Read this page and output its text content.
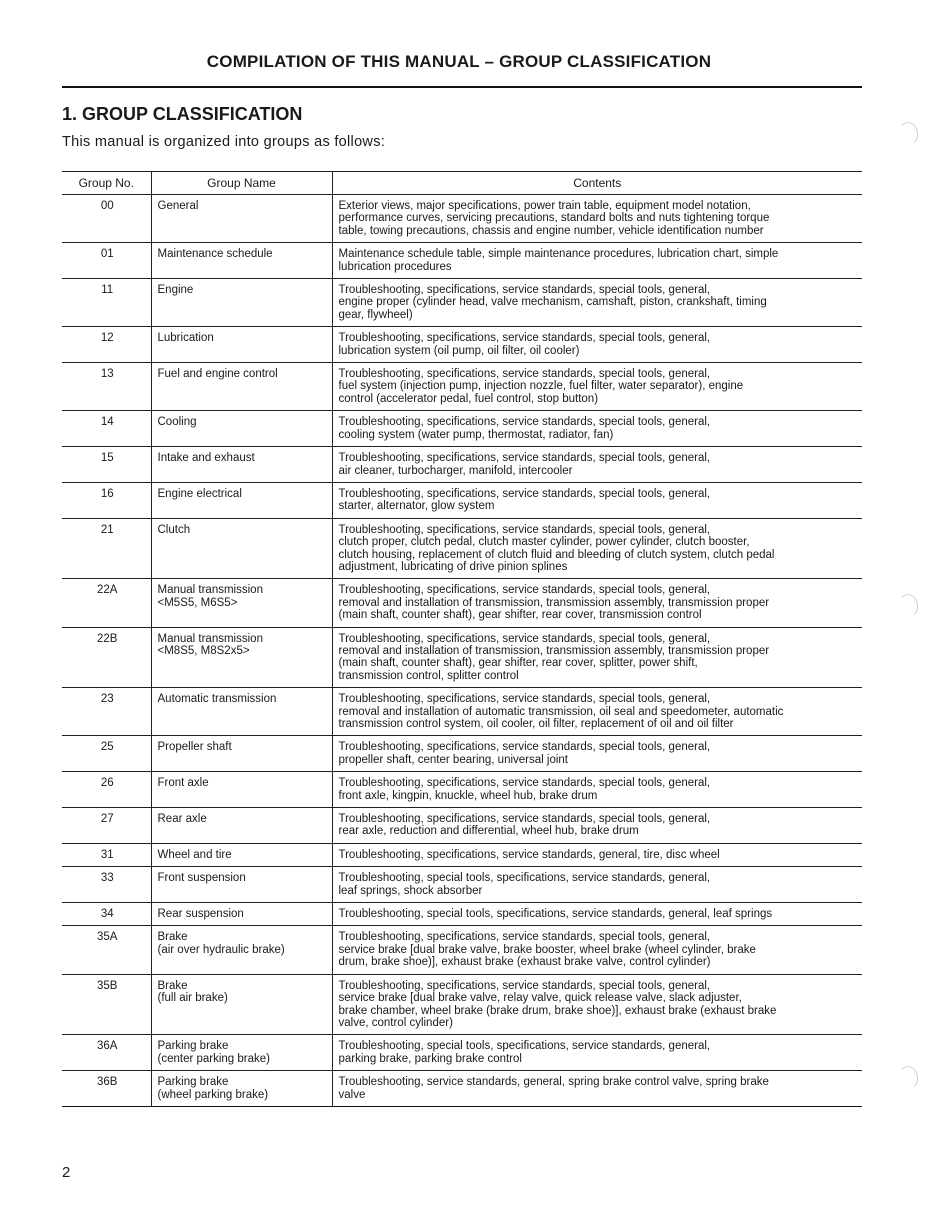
COMPILATION OF THIS MANUAL – GROUP CLASSIFICATION
1. GROUP CLASSIFICATION
This manual is organized into groups as follows:
Group No.	Group Name	Contents
00	General	Exterior views, major specifications, power train table, equipment model notation,
performance curves, servicing precautions, standard bolts and nuts tightening torque
table, towing precautions, chassis and engine number, vehicle identification number

01	Maintenance schedule	Maintenance schedule table, simple maintenance procedures, lubrication chart, simple
lubrication procedures

11	Engine	Troubleshooting, specifications, service standards, special tools, general,
engine proper (cylinder head, valve mechanism, camshaft, piston, crankshaft, timing
gear, flywheel)

12	Lubrication	Troubleshooting, specifications, service standards, special tools, general,
lubrication system (oil pump, oil filter, oil cooler)

13	Fuel and engine control	Troubleshooting, specifications, service standards, special tools, general,
fuel system (injection pump, injection nozzle, fuel filter, water separator), engine
control (accelerator pedal, fuel control, stop button)

14	Cooling	Troubleshooting, specifications, service standards, special tools, general,
cooling system (water pump, thermostat, radiator, fan)

15	Intake and exhaust	Troubleshooting, specifications, service standards, special tools, general,
air cleaner, turbocharger, manifold, intercooler

16	Engine electrical	Troubleshooting, specifications, service standards, special tools, general,
starter, alternator, glow system

21	Clutch	Troubleshooting, specifications, service standards, special tools, general,
clutch proper, clutch pedal, clutch master cylinder, power cylinder, clutch booster,
clutch housing, replacement of clutch fluid and bleeding of clutch system, clutch pedal
adjustment, lubricating of drive pinion splines

22A	Manual transmission
<M5S5, M6S5>	Troubleshooting, specifications, service standards, special tools, general,
removal and installation of transmission, transmission assembly, transmission proper
(main shaft, counter shaft), gear shifter, rear cover, transmission control

22B	Manual transmission
<M8S5, M8S2x5>	Troubleshooting, specifications, service standards, special tools, general,
removal and installation of transmission, transmission assembly, transmission proper
(main shaft, counter shaft), gear shifter, rear cover, splitter, power shift,
transmission control, splitter control

23	Automatic transmission	Troubleshooting, specifications, service standards, special tools, general,
removal and installation of automatic transmission, oil seal and speedometer, automatic
transmission control system, oil cooler, oil filter, replacement of oil and oil filter

25	Propeller shaft	Troubleshooting, specifications, service standards, special tools, general,
propeller shaft, center bearing, universal joint

26	Front axle	Troubleshooting, specifications, service standards, special tools, general,
front axle, kingpin, knuckle, wheel hub, brake drum

27	Rear axle	Troubleshooting, specifications, service standards, special tools, general,
rear axle, reduction and differential, wheel hub, brake drum

31	Wheel and tire	Troubleshooting, specifications, service standards, general, tire, disc wheel

33	Front suspension	Troubleshooting, special tools, specifications, service standards, general,
leaf springs, shock absorber

34	Rear suspension	Troubleshooting, special tools, specifications, service standards, general, leaf springs

35A	Brake
(air over hydraulic brake)	Troubleshooting, specifications, service standards, special tools, general,
service brake [dual brake valve, brake booster, wheel brake (wheel cylinder, brake
drum, brake shoe)], exhaust brake (exhaust brake valve, control cylinder)

35B	Brake
(full air brake)	Troubleshooting, specifications, service standards, special tools, general,
service brake [dual brake valve, relay valve, quick release valve, slack adjuster,
brake chamber, wheel brake (brake drum, brake shoe)], exhaust brake (exhaust brake
valve, control cylinder)

36A	Parking brake
(center parking brake)	Troubleshooting, special tools, specifications, service standards, general,
parking brake, parking brake control

36B	Parking brake
(wheel parking brake)	Troubleshooting, service standards, general, spring brake control valve, spring brake
valve
2
